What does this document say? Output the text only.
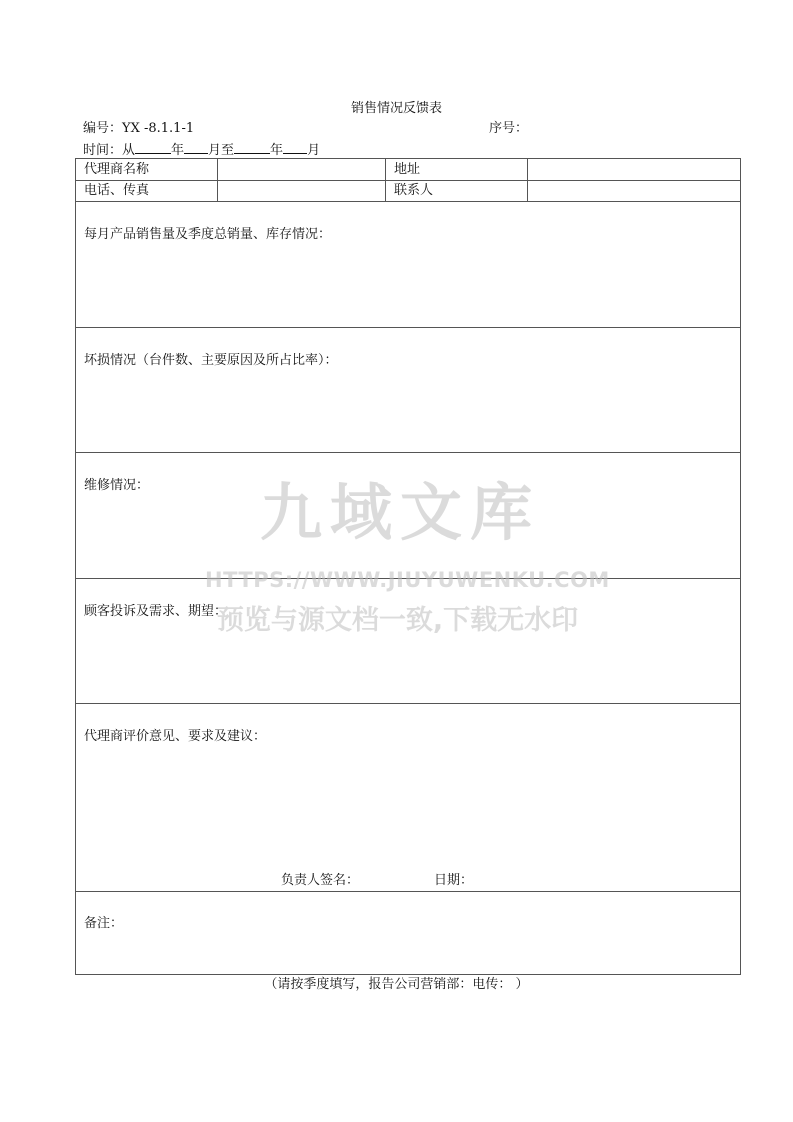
销售情况反馈表
编号：YX -8.1.1-1	序号：
时间：从	年 月至	年 月
代理商名称	地址
电话、传真	联系人
每月产品销售量及季度总销量、库存情况：
坏损情况（台件数、主要原因及所占比率）：
维修情况：
顾客投诉及需求、期望：
代理商评价意见、要求及建议：
负责人签名：	日期：
备注：
九域文库
HTTPS://WWW.JIUYUWENKU.COM
预览与源文档一致,下载无水印
（请按季度填写，报告公司营销部：电传： ）
